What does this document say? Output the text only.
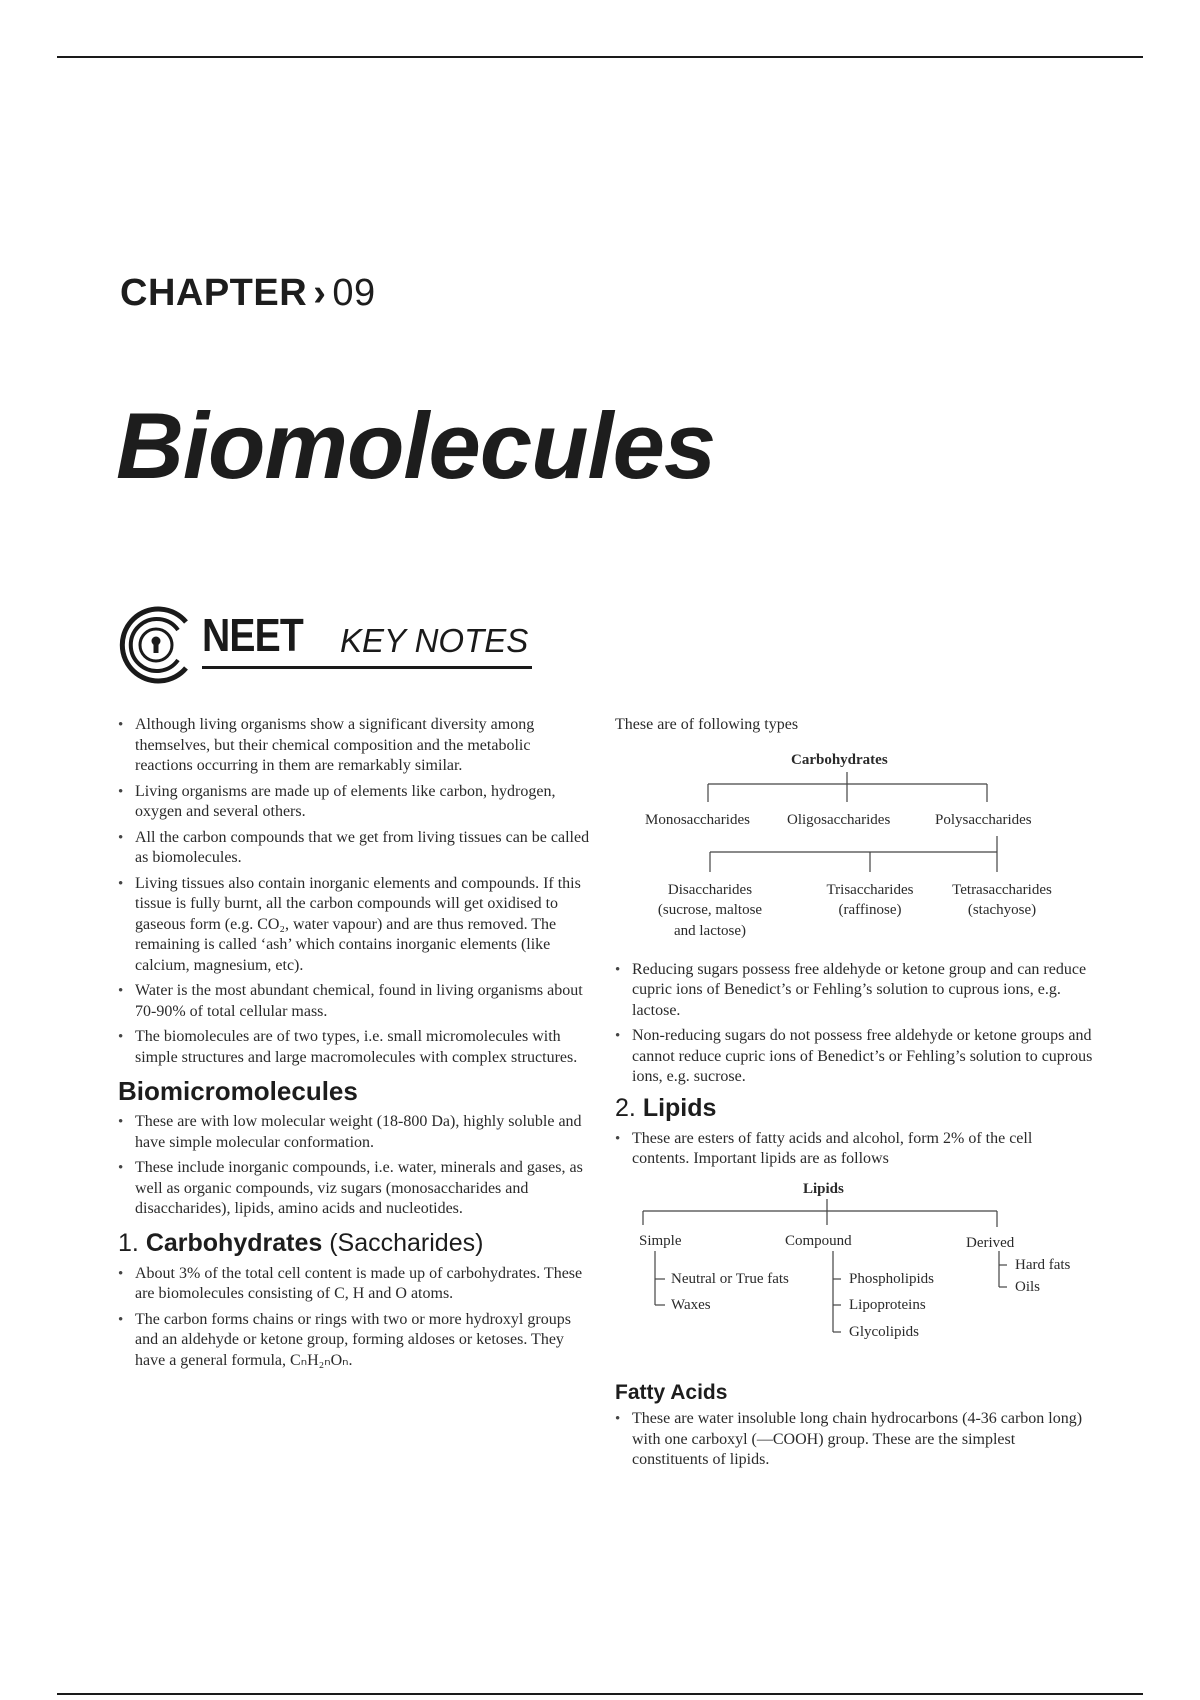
CHAPTER › 09
Biomolecules
NEET KEY NOTES
• Although living organisms show a significant diversity among themselves, but their chemical composition and the metabolic reactions occurring in them are remarkably similar.
• Living organisms are made up of elements like carbon, hydrogen, oxygen and several others.
• All the carbon compounds that we get from living tissues can be called as biomolecules.
• Living tissues also contain inorganic elements and compounds. If this tissue is fully burnt, all the carbon compounds will get oxidised to gaseous form (e.g. CO₂, water vapour) and are thus removed. The remaining is called ‘ash’ which contains inorganic elements (like calcium, magnesium, etc).
• Water is the most abundant chemical, found in living organisms about 70-90% of total cellular mass.
• The biomolecules are of two types, i.e. small micromolecules with simple structures and large macromolecules with complex structures.
Biomicromolecules
• These are with low molecular weight (18-800 Da), highly soluble and have simple molecular conformation.
• These include inorganic compounds, i.e. water, minerals and gases, as well as organic compounds, viz sugars (monosaccharides and disaccharides), lipids, amino acids and nucleotides.
1. Carbohydrates (Saccharides)
• About 3% of the total cell content is made up of carbohydrates. These are biomolecules consisting of C, H and O atoms.
• The carbon forms chains or rings with two or more hydroxyl groups and an aldehyde or ketone group, forming aldoses or ketoses. They have a general formula, CₙH₂ₙOₙ.
These are of following types
Carbohydrates
Monosaccharides Oligosaccharides	Polysaccharides
Disaccharides
(sucrose, maltose
and lactose)
Trisaccharides
(raffinose)
Tetrasaccharides
(stachyose)
• Reducing sugars possess free aldehyde or ketone group and can reduce cupric ions of Benedict’s or Fehling’s solution to cuprous ions, e.g. lactose.
• Non-reducing sugars do not possess free aldehyde or ketone groups and cannot reduce cupric ions of Benedict’s or Fehling’s solution to cuprous ions, e.g. sucrose.
2. Lipids
• These are esters of fatty acids and alcohol, form 2% of the cell contents. Important lipids are as follows
Lipids
Simple	Compound	Derived
Neutral or True fats
Waxes
Phospholipids
Lipoproteins
Glycolipids
Hard fats
Oils
Fatty Acids
• These are water insoluble long chain hydrocarbons (4-36 carbon long) with one carboxyl (—COOH) group. These are the simplest constituents of lipids.
